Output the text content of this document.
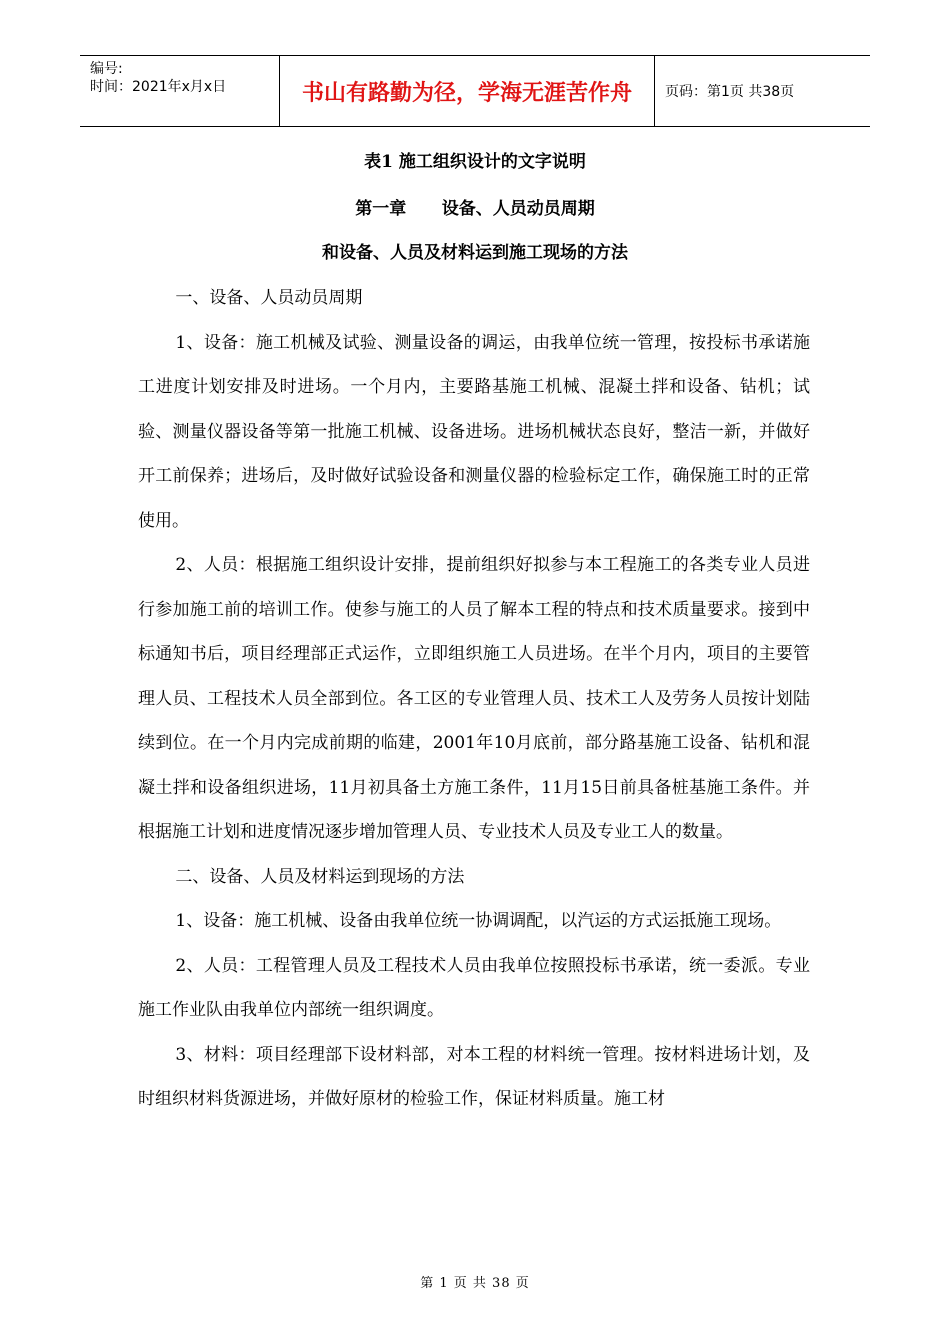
编号:
时间：2021年x月x日	书山有路勤为径，学海无涯苦作舟	页码：第1页 共38页
表1 施工组织设计的文字说明
第一章      设备、人员动员周期
和设备、人员及材料运到施工现场的方法

一、设备、人员动员周期

1、设备：施工机械及试验、测量设备的调运，由我单位统一管理，按投标书承诺施工进度计划安排及时进场。一个月内，主要路基施工机械、混凝土拌和设备、钻机；试验、测量仪器设备等第一批施工机械、设备进场。进场机械状态良好，整洁一新，并做好开工前保养；进场后，及时做好试验设备和测量仪器的检验标定工作，确保施工时的正常使用。

2、人员：根据施工组织设计安排，提前组织好拟参与本工程施工的各类专业人员进行参加施工前的培训工作。使参与施工的人员了解本工程的特点和技术质量要求。接到中标通知书后，项目经理部正式运作，立即组织施工人员进场。在半个月内，项目的主要管理人员、工程技术人员全部到位。各工区的专业管理人员、技术工人及劳务人员按计划陆续到位。在一个月内完成前期的临建，2001年10月底前，部分路基施工设备、钻机和混凝土拌和设备组织进场，11月初具备土方施工条件，11月15日前具备桩基施工条件。并根据施工计划和进度情况逐步增加管理人员、专业技术人员及专业工人的数量。

二、设备、人员及材料运到现场的方法

1、设备：施工机械、设备由我单位统一协调调配，以汽运的方式运抵施工现场。

2、人员：工程管理人员及工程技术人员由我单位按照投标书承诺，统一委派。专业施工作业队由我单位内部统一组织调度。

3、材料：项目经理部下设材料部，对本工程的材料统一管理。按材料进场计划，及时组织材料货源进场，并做好原材的检验工作，保证材料质量。施工材

第 1 页 共 38 页
